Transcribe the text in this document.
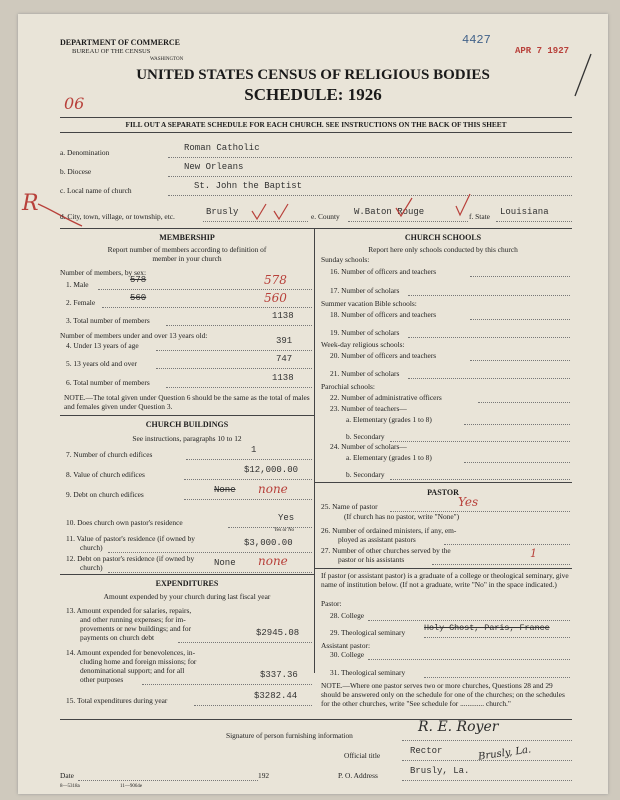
DEPARTMENT OF COMMERCE
BUREAU OF THE CENSUS
WASHINGTON
4427
APR 7 1927
UNITED STATES CENSUS OF RELIGIOUS BODIES
SCHEDULE: 1926
06
FILL OUT A SEPARATE SCHEDULE FOR EACH CHURCH. SEE INSTRUCTIONS ON THE BACK OF THIS SHEET
a. Denomination	Roman Catholic
b. Diocese	New Orleans
c. Local name of church	St. John the Baptist
R
d. City, town, village, or township, etc.	Brusly	e. County W.Baton Rouge	f. State Louisiana
MEMBERSHIP
Report number of members according to definition of
member in your church
Number of members, by sex:
1. Male	578	578
2. Female	560	560
3. Total number of members	1138
Number of members under and over 13 years old:
4. Under 13 years of age	391
5. 13 years old and over	747
6. Total number of members	1138
NOTE.—The total given under Question 6 should be the same as the total of males and females given under Question 3.
CHURCH BUILDINGS
See instructions, paragraphs 10 to 12
7. Number of church edifices	1
8. Value of church edifices	$12,000.00
9. Debt on church edifices	None none
10. Does church own pastor's residence	Yes
Yes or No
11. Value of pastor's residence (if owned by
church)	$3,000.00
12. Debt on pastor's residence (if owned by
church)	None none
EXPENDITURES
Amount expended by your church during last fiscal year
13. Amount expended for salaries, repairs,
and other running expenses; for im-
provements or new buildings; and for
payments on church debt	$2945.08
14. Amount expended for benevolences, in-
cluding home and foreign missions; for
denominational support; and for all
other purposes	$337.36
15. Total expenditures during year	$3282.44
CHURCH SCHOOLS
Report here only schools conducted by this church
Sunday schools:
16. Number of officers and teachers
17. Number of scholars
Summer vacation Bible schools:
18. Number of officers and teachers
19. Number of scholars
Week-day religious schools:
20. Number of officers and teachers
21. Number of scholars
Parochial schools:
22. Number of administrative officers
23. Number of teachers—
a. Elementary (grades 1 to 8)
b. Secondary
24. Number of scholars—
a. Elementary (grades 1 to 8)
b. Secondary
PASTOR
25. Name of pastor	Yes
(If church has no pastor, write "None")
26. Number of ordained ministers, if any, em-
ployed as assistant pastors
27. Number of other churches served by the
pastor or his assistants	1
If pastor (or assistant pastor) is a graduate of a college or theological seminary, give name of institution below. (If not a graduate, write "No" in the space indicated.)
Pastor:
28. College
29. Theological seminary Holy Ghost, Paris, France
Assistant pastor:
30. College
31. Theological seminary
NOTE.—Where one pastor serves two or more churches, Questions 28 and 29 should be answered only on the schedule for one of the churches; on the schedules for the other churches, write "See schedule for ............. church."
Signature of person furnishing information
R. E. Royer
Official title	Rector
Date	192	P. O. Address	Brusly, La.
Brusly, La.
8—5318a	11—9064e
